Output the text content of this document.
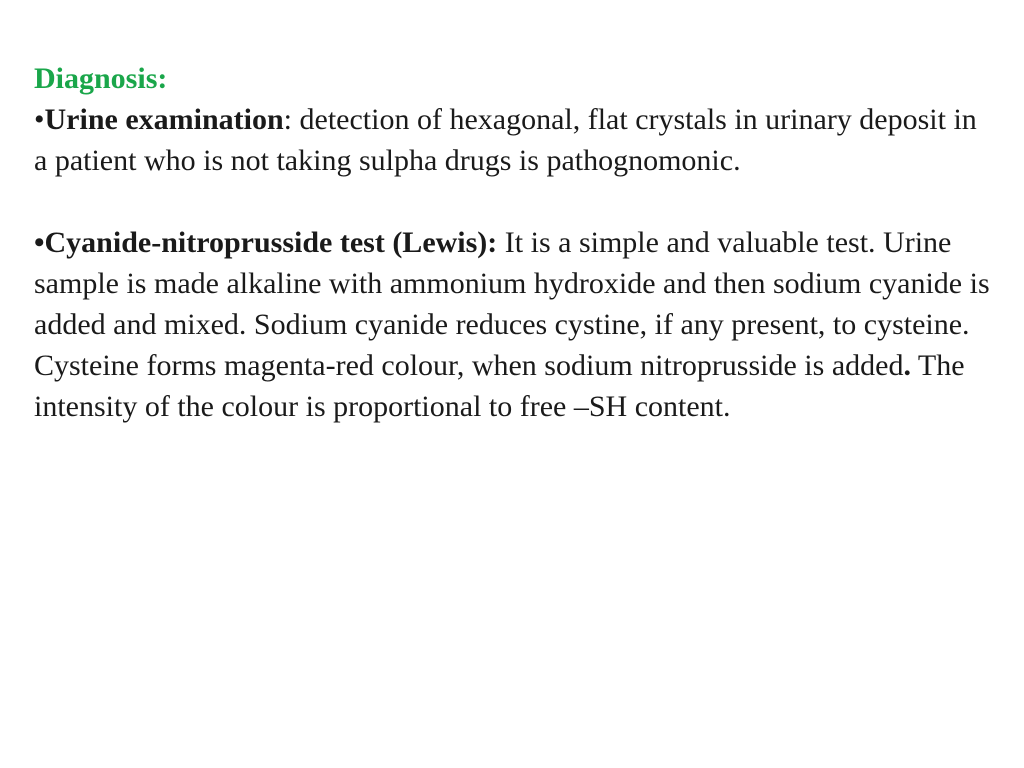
Diagnosis:

•Urine examination: detection of hexagonal, flat crystals in urinary deposit in a patient who is not taking sulpha drugs is pathognomonic.

•Cyanide-nitroprusside test (Lewis): It is a simple and valuable test. Urine sample is made alkaline with ammonium hydroxide and then sodium cyanide is added and mixed. Sodium cyanide reduces cystine, if any present, to cysteine. Cysteine forms magenta-red colour, when sodium nitroprusside is added. The intensity of the colour is proportional to free –SH content.
